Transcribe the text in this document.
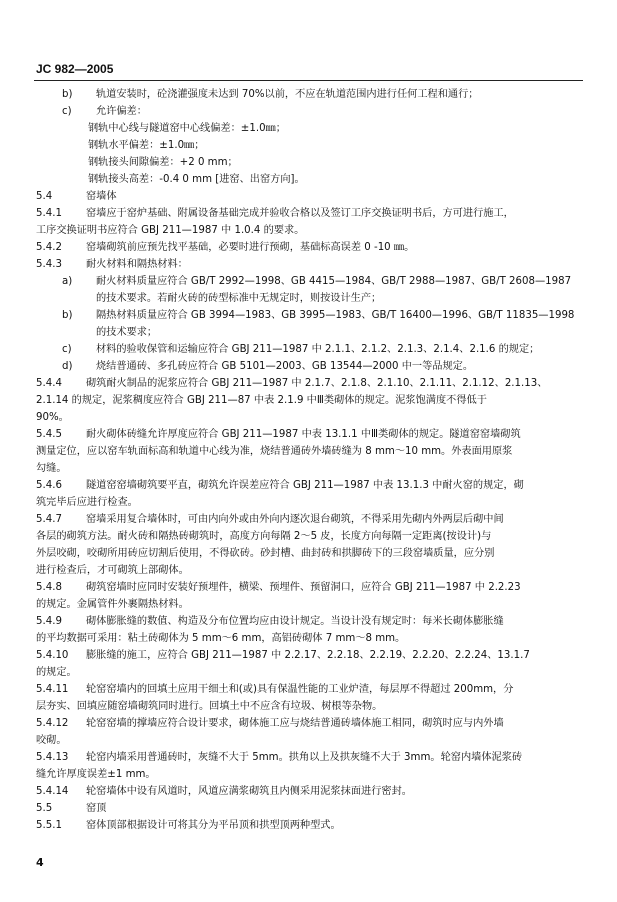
JC 982—2005
b)	轨道安装时，砼浇灌强度未达到 70%以前，不应在轨道范围内进行任何工程和通行；
c)	允许偏差：

钢轨中心线与隧道窑中心线偏差：±1.0㎜；

钢轨水平偏差：±1.0㎜；

钢轨接头间隙偏差：+2 0 mm；

钢轨接头高差：-0.4 0 mm [进窑、出窑方向]。

5.4	窑墙体
5.4.1	窑墙应于窑炉基础、附属设备基础完成并验收合格以及签订工序交换证明书后，方可进行施工，

工序交换证明书应符合 GBJ 211—1987 中 1.0.4 的要求。

5.4.2	窑墙砌筑前应预先找平基础，必要时进行预砌，基础标高误差 0 -10 ㎜。
5.4.3	耐火材料和隔热材料：
a)	耐火材料质量应符合 GB/T 2992—1998、GB 4415—1984、GB/T 2988—1987、GB/T 2608—1987

的技术要求。若耐火砖的砖型标准中无规定时，则按设计生产；

b)	隔热材料质量应符合 GB 3994—1983、GB 3995—1983、GB/T 16400—1996、GB/T 11835—1998

的技术要求；

c)	材料的验收保管和运输应符合 GBJ 211—1987 中 2.1.1、2.1.2、2.1.3、2.1.4、2.1.6 的规定；
d)	烧结普通砖、多孔砖应符合 GB 5101—2003、GB 13544—2000 中一等品规定。
5.4.4	砌筑耐火制品的泥浆应符合 GBJ 211—1987 中 2.1.7、2.1.8、2.1.10、2.1.11、2.1.12、2.1.13、

2.1.14 的规定，泥浆稠度应符合 GBJ 211—87 中表 2.1.9 中Ⅲ类砌体的规定。泥浆饱满度不得低于

90%。

5.4.5	耐火砌体砖缝允许厚度应符合 GBJ 211—1987 中表 13.1.1 中Ⅲ类砌体的规定。隧道窑窑墙砌筑

测量定位，应以窑车轨面标高和轨道中心线为准，烧结普通砖外墙砖缝为 8 mm～10 mm。外表面用原浆

勾缝。

5.4.6	隧道窑窑墙砌筑要平直，砌筑允许误差应符合 GBJ 211—1987 中表 13.1.3 中耐火窑的规定，砌

筑完毕后应进行检查。

5.4.7	窑墙采用复合墙体时，可由内向外或由外向内逐次退台砌筑，不得采用先砌内外两层后砌中间

各层的砌筑方法。耐火砖和隔热砖砌筑时，高度方向每隔 2～5 皮，长度方向每隔一定距离(按设计)与

外层咬砌，咬砌所用砖应切割后使用，不得砍砖。砂封槽、曲封砖和拱脚砖下的三段窑墙质量，应分别

进行检查后，才可砌筑上部砌体。

5.4.8	砌筑窑墙时应同时安装好预埋件，横梁、预埋件、预留洞口，应符合 GBJ 211—1987 中 2.2.23

的规定。金属管件外裹隔热材料。

5.4.9	砌体膨胀缝的数值、构造及分布位置均应由设计规定。当设计没有规定时：每米长砌体膨胀缝

的平均数据可采用：粘土砖砌体为 5 mm～6 mm，高铝砖砌体 7 mm～8 mm。

5.4.10	膨胀缝的施工，应符合 GBJ 211—1987 中 2.2.17、2.2.18、2.2.19、2.2.20、2.2.24、13.1.7

的规定。

5.4.11	轮窑窑墙内的回填土应用干细土和(或)具有保温性能的工业炉渣，每层厚不得超过 200mm，分

层夯实、回填应随窑墙砌筑同时进行。回填土中不应含有垃圾、树根等杂物。

5.4.12	轮窑窑墙的撑墙应符合设计要求，砌体施工应与烧结普通砖墙体施工相同，砌筑时应与内外墙

咬砌。

5.4.13	轮窑内墙采用普通砖时，灰缝不大于 5mm。拱角以上及拱灰缝不大于 3mm。轮窑内墙体泥浆砖

缝允许厚度误差±1 mm。

5.4.14	轮窑墙体中设有风道时，风道应满浆砌筑且内侧采用泥浆抹面进行密封。
5.5	窑顶
5.5.1	窑体顶部根据设计可将其分为平吊顶和拱型顶两种型式。
4
